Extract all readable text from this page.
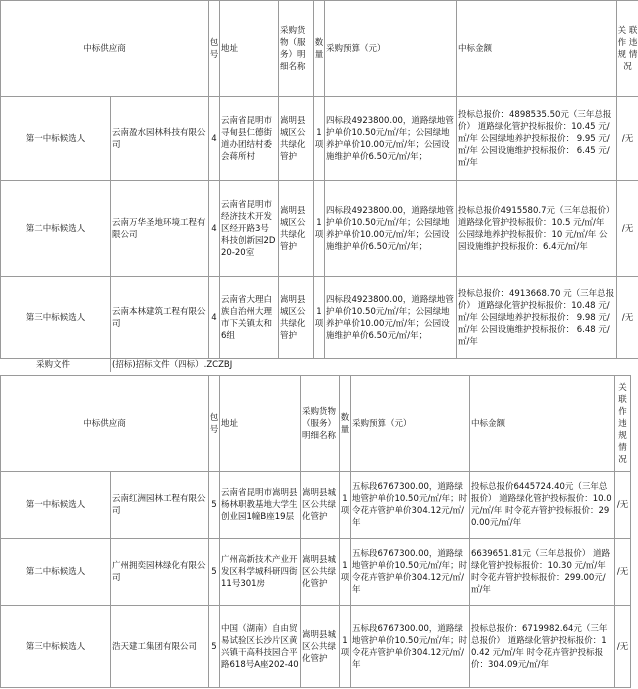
中标供应商		包号	地址	采购货物（服务）明细名称	数量	采购预算（元）	中标金额	关 联 作 违 规 情 况
第一中标候选人	云南盈水园林科技有限公司	4	云南省昆明市寻甸县仁德街道办团结村委会蒋所村	嵩明县城区公共绿化管护	1项	四标段4923800.00，道路绿地管护单价10.50元/㎡/年；公园绿地养护单价10.00元/㎡/年；公园设施维护单价6.50元/㎡/年；	投标总报价：4898535.50元（三年总报价） 道路绿化管护投标报价：10.45 元/㎡/年 公园绿地养护投标报价： 9.95 元/㎡/年 公园设施维护投标报价： 6.45 元/㎡/年	/无
第二中标候选人	云南万华圣地环境工程有限公司	4	云南省昆明市经济技术开发区经开路3号科技创新园2D20-20室	嵩明县城区公共绿化管护	1项	四标段4923800.00，道路绿地管护单价10.50元/㎡/年；公园绿地养护单价10.00元/㎡/年；公园设施维护单价6.50元/㎡/年；	投标总报价4915580.7元（三年总报价） 道路绿化管护投标报价：10.5 元/㎡/年 公园绿地养护投标报价：10 元/㎡/年 公园设施维护投标报价：6.4元/㎡/年	/无
第三中标候选人	云南本林建筑工程有限公司	4	云南省大理白族自治州大理市下关镇太和6组	嵩明县城区公共绿化管护	1项	四标段4923800.00，道路绿地管护单价10.50元/㎡/年；公园绿地养护单价10.00元/㎡/年；公园设施维护单价6.50元/㎡/年；	投标总报价：4913668.70 元（三年总报价） 道路绿化管护投标报价：10.48 元/㎡/年 公园绿地养护投标报价： 9.98 元/㎡/年 公园设施维护投标报价： 6.48 元/㎡/年	/无
采购文件	(招标)招标文件（四标）.ZCZBJ
中标供应商		包号	地址	采购货物（服务）明细名称	数量	采购预算（元）	中标金额	关 联 作 违 规 情 况
第一中标候选人	云南红洲园林工程有限公司	5	云南省昆明市嵩明县杨林职教基地大学生创业园1幢B座19层	嵩明县城区公共绿化管护	1项	五标段6767300.00，道路绿地管护单价10.50元/㎡/年；时令花卉管护单价304.12元/㎡/年	投标总报价6445724.40元（三年总报价） 道路绿化管护投标报价：10.0元/㎡/年 时令花卉管护投标报价：290.00元/㎡/年	/无
第二中标候选人	广州拥奕园林绿化有限公司	5	广州高新技术产业开发区科学城科研四街11号301房	嵩明县城区公共绿化管护	1项	五标段6767300.00，道路绿地管护单价10.50元/㎡/年；时令花卉管护单价304.12元/㎡/年	6639651.81元（三年总报价） 道路绿化管护投标报价：10.30 元/㎡/年 时令花卉管护投标报价：299.00元/㎡/年	/无
第三中标候选人	浩天建工集团有限公司	5	中国（湖南）自由贸易试验区长沙片区黄兴镇干高科技园合平路618号A座202-40	嵩明县城区公共绿化管护	1项	五标段6767300.00，道路绿地管护单价10.50元/㎡/年；时令花卉管护单价304.12元/㎡/年	投标总报价：6719982.64元（三年总报价） 道路绿化管护投标报价：10.42 元/㎡/年 时令花卉管护投标报价：304.09元/㎡/年	/无
